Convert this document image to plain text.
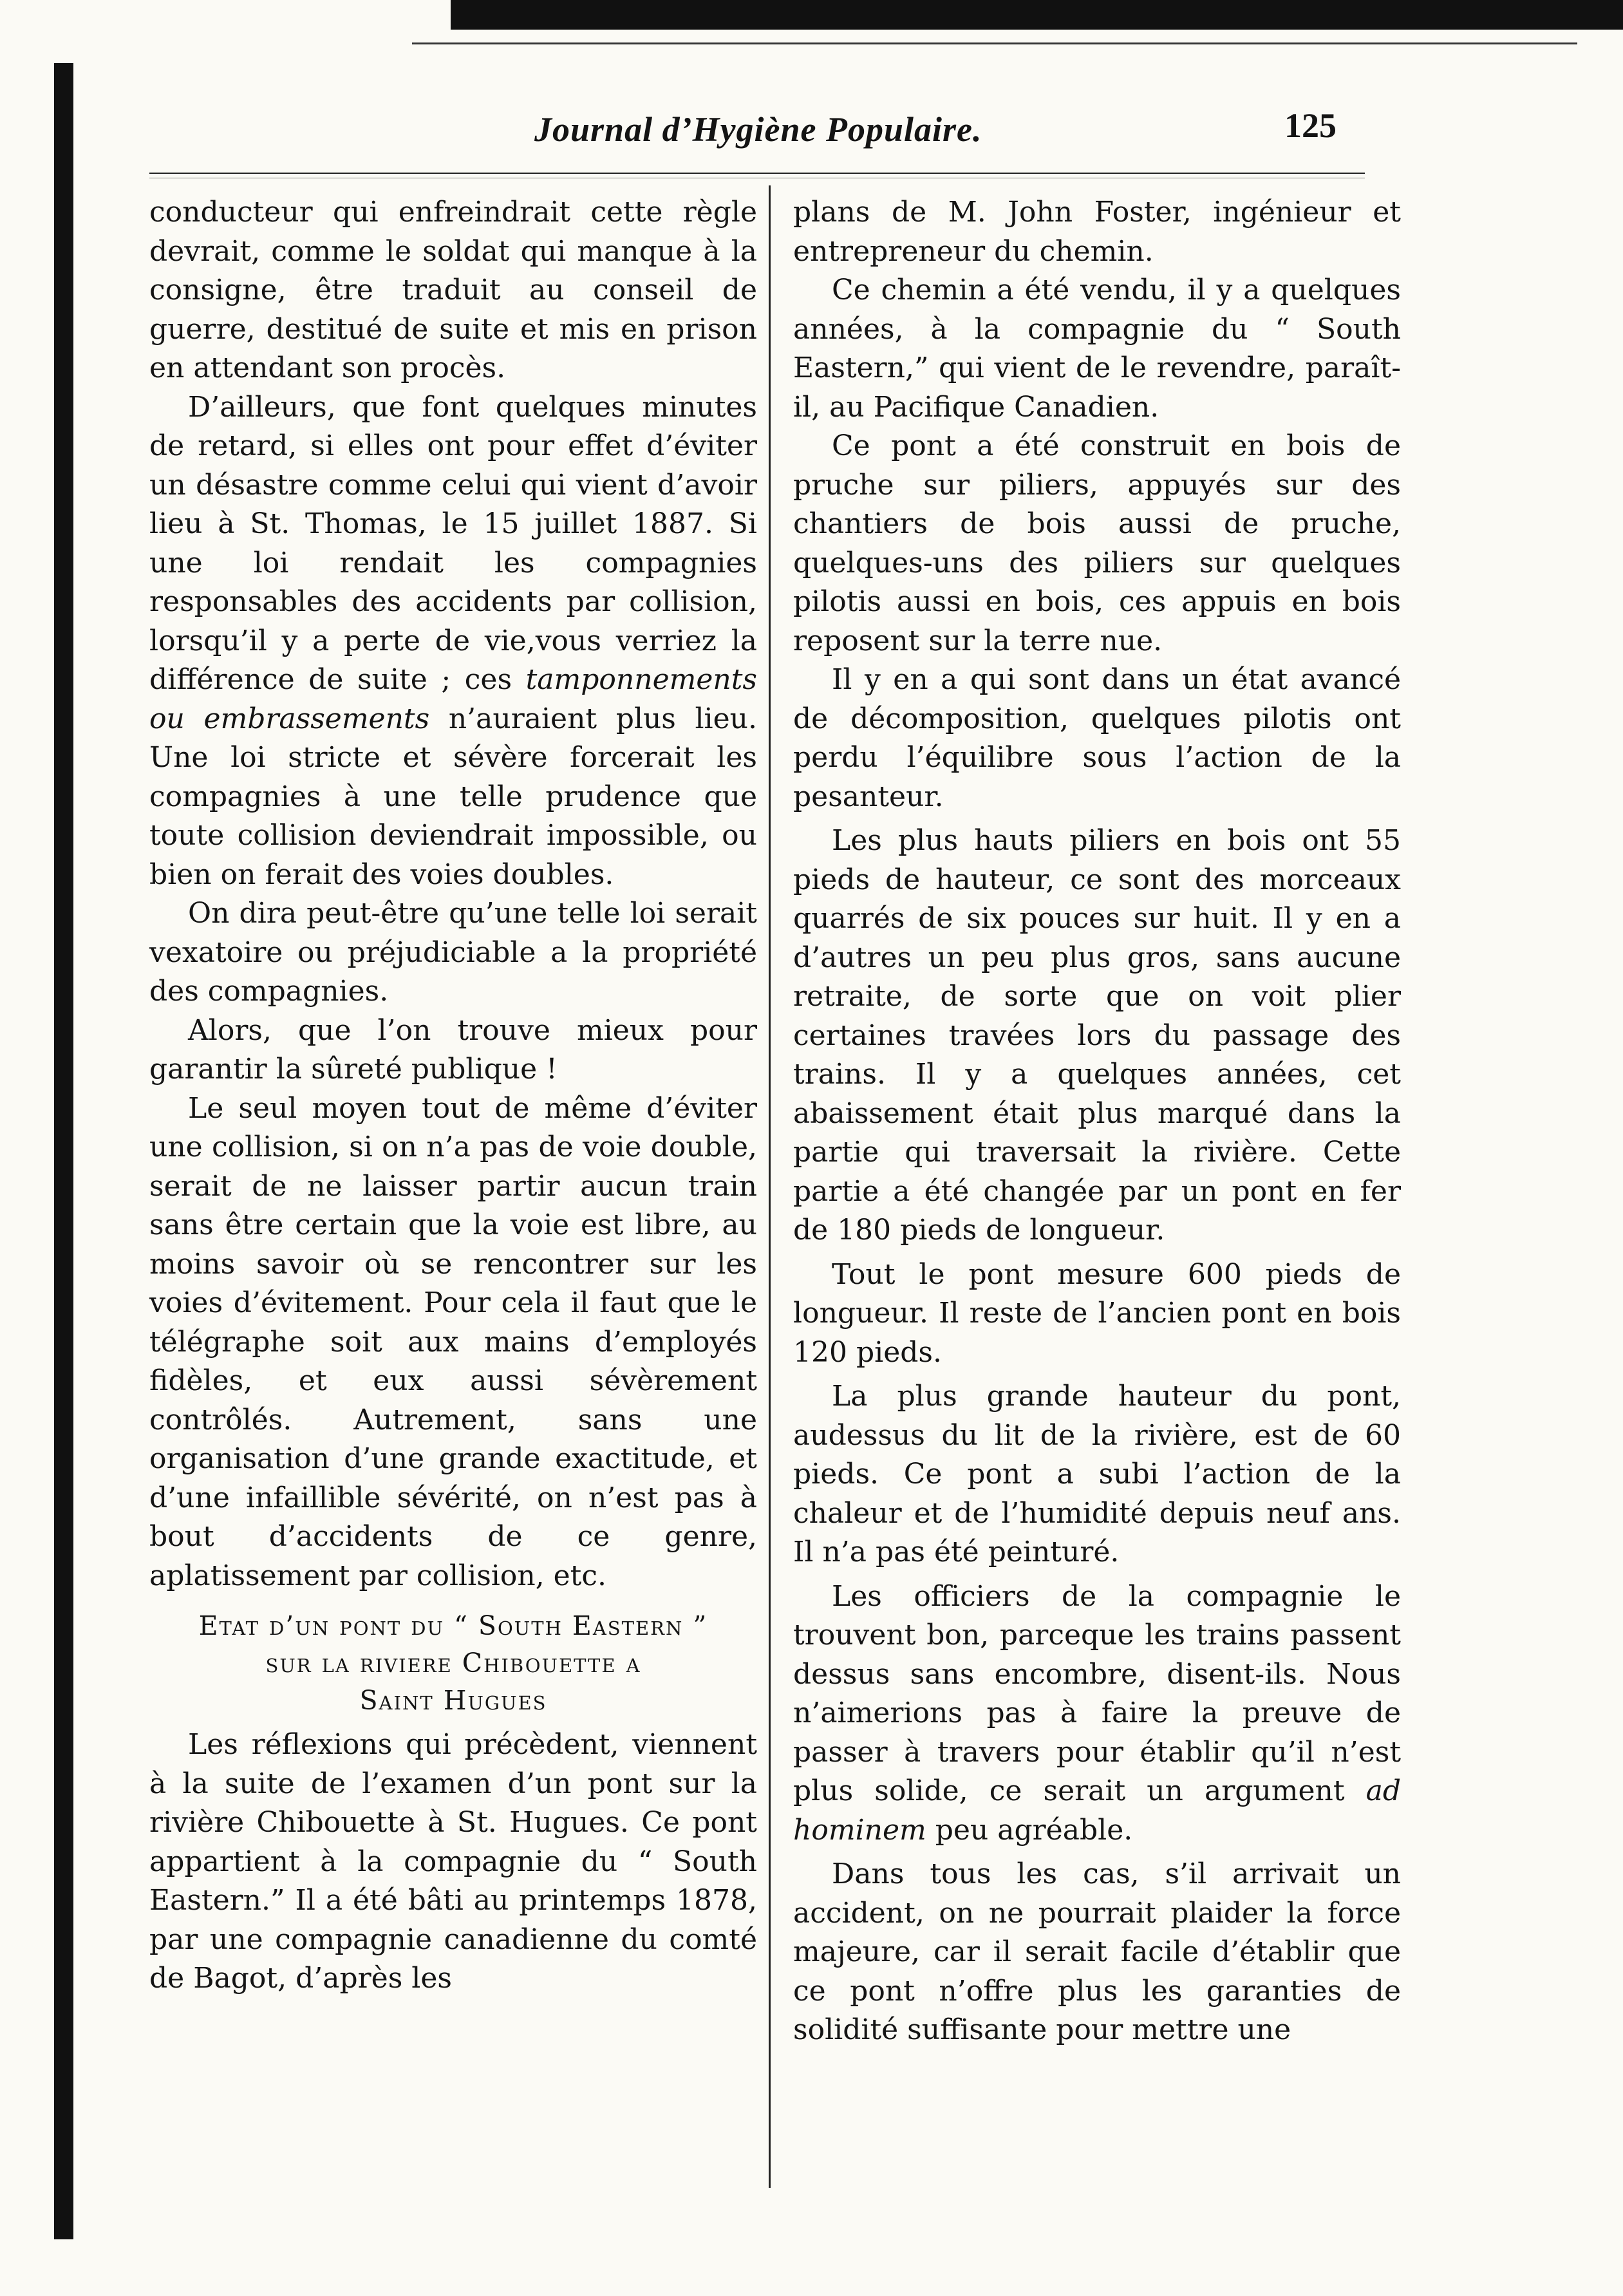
Journal d’Hygiène Populaire.	125

conducteur qui enfreindrait cette règle devrait, comme le soldat qui manque à la consigne, être traduit au conseil de guerre, destitué de suite et mis en prison en attendant son procès.

D’ailleurs, que font quelques minutes de retard, si elles ont pour effet d’éviter un désastre comme celui qui vient d’avoir lieu à St. Thomas, le 15 juillet 1887. Si une loi rendait les compagnies responsables des accidents par collision, lorsqu’il y a perte de vie,vous verriez la différence de suite ; ces tamponnements ou embrassements n’auraient plus lieu. Une loi stricte et sévère forcerait les compagnies à une telle prudence que toute collision deviendrait impossible, ou bien on ferait des voies doubles.

On dira peut-être qu’une telle loi serait vexatoire ou préjudiciable a la propriété des compagnies.

Alors, que l’on trouve mieux pour garantir la sûreté publique !

Le seul moyen tout de même d’éviter une collision, si on n’a pas de voie double, serait de ne laisser partir aucun train sans être certain que la voie est libre, au moins savoir où se rencontrer sur les voies d’évitement. Pour cela il faut que le télégraphe soit aux mains d’employés fidèles, et eux aussi sévèrement contrôlés. Autrement, sans une organisation d’une grande exactitude, et d’une infaillible sévérité, on n’est pas à bout d’accidents de ce genre, aplatissement par collision, etc.

Etat d’un pont du “ South Eastern ”
sur la riviere Chibouette a
Saint Hugues

Les réflexions qui précèdent, viennent à la suite de l’examen d’un pont sur la rivière Chibouette à St. Hugues. Ce pont appartient à la compagnie du “ South Eastern.” Il a été bâti au printemps 1878, par une compagnie canadienne du comté de Bagot, d’après les

plans de M. John Foster, ingénieur et entrepreneur du chemin.

Ce chemin a été vendu, il y a quelques années, à la compagnie du “ South Eastern,” qui vient de le revendre, paraît-il, au Pacifique Canadien.

Ce pont a été construit en bois de pruche sur piliers, appuyés sur des chantiers de bois aussi de pruche, quelques-uns des piliers sur quelques pilotis aussi en bois, ces appuis en bois reposent sur la terre nue.

Il y en a qui sont dans un état avancé de décomposition, quelques pilotis ont perdu l’équilibre sous l’action de la pesanteur.

Les plus hauts piliers en bois ont 55 pieds de hauteur, ce sont des morceaux quarrés de six pouces sur huit. Il y en a d’autres un peu plus gros, sans aucune retraite, de sorte que on voit plier certaines travées lors du passage des trains. Il y a quelques années, cet abaissement était plus marqué dans la partie qui traversait la rivière. Cette partie a été changée par un pont en fer de 180 pieds de longueur.

Tout le pont mesure 600 pieds de longueur. Il reste de l’ancien pont en bois 120 pieds.

La plus grande hauteur du pont, audessus du lit de la rivière, est de 60 pieds. Ce pont a subi l’action de la chaleur et de l’humidité depuis neuf ans. Il n’a pas été peinturé.

Les officiers de la compagnie le trouvent bon, parceque les trains passent dessus sans encombre, disent-ils. Nous n’aimerions pas à faire la preuve de passer à travers pour établir qu’il n’est plus solide, ce serait un argument ad hominem peu agréable.

Dans tous les cas, s’il arrivait un accident, on ne pourrait plaider la force majeure, car il serait facile d’établir que ce pont n’offre plus les garanties de solidité suffisante pour mettre une
